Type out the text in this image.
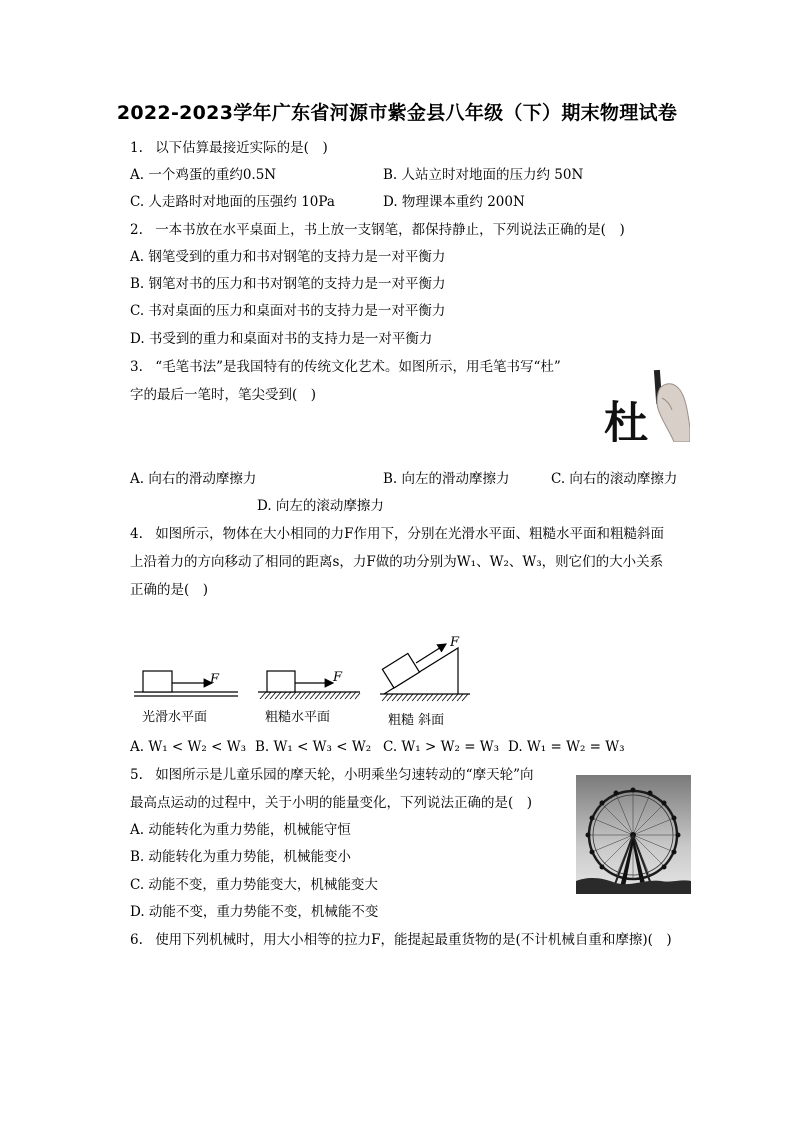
2022-2023学年广东省河源市紫金县八年级（下）期末物理试卷
1. 以下估算最接近实际的是(　)
A. 一个鸡蛋的重约0.5N	B. 人站立时对地面的压力约 50N
C. 人走路时对地面的压强约 10Pa	D. 物理课本重约 200N
2. 一本书放在水平桌面上，书上放一支钢笔，都保持静止，下列说法正确的是(　)
A. 钢笔受到的重力和书对钢笔的支持力是一对平衡力
B. 钢笔对书的压力和书对钢笔的支持力是一对平衡力
C. 书对桌面的压力和桌面对书的支持力是一对平衡力
D. 书受到的重力和桌面对书的支持力是一对平衡力
3. “毛笔书法”是我国特有的传统文化艺术。如图所示，用毛笔书写“杜”
字的最后一笔时，笔尖受到(　)
杜
A. 向右的滑动摩擦力	B. 向左的滑动摩擦力	C. 向右的滚动摩擦力
D. 向左的滚动摩擦力
4. 如图所示，物体在大小相同的力F作用下，分别在光滑水平面、粗糙水平面和粗糙斜面
上沿着力的方向移动了相同的距离s，力F做的功分别为W₁、W₂、W₃，则它们的大小关系
正确的是(　)
F	F
F
光滑水平面	粗糙水平面	粗糙 斜面
A. W₁ < W₂ < W₃ B. W₁ < W₃ < W₂ C. W₁ > W₂ = W₃ D. W₁ = W₂ = W₃
5. 如图所示是儿童乐园的摩天轮，小明乘坐匀速转动的“摩天轮”向
最高点运动的过程中，关于小明的能量变化，下列说法正确的是(　)
A. 动能转化为重力势能，机械能守恒
B. 动能转化为重力势能，机械能变小
C. 动能不变，重力势能变大，机械能变大
D. 动能不变，重力势能不变，机械能不变
6. 使用下列机械时，用大小相等的拉力F，能提起最重货物的是(不计机械自重和摩擦)(　)
